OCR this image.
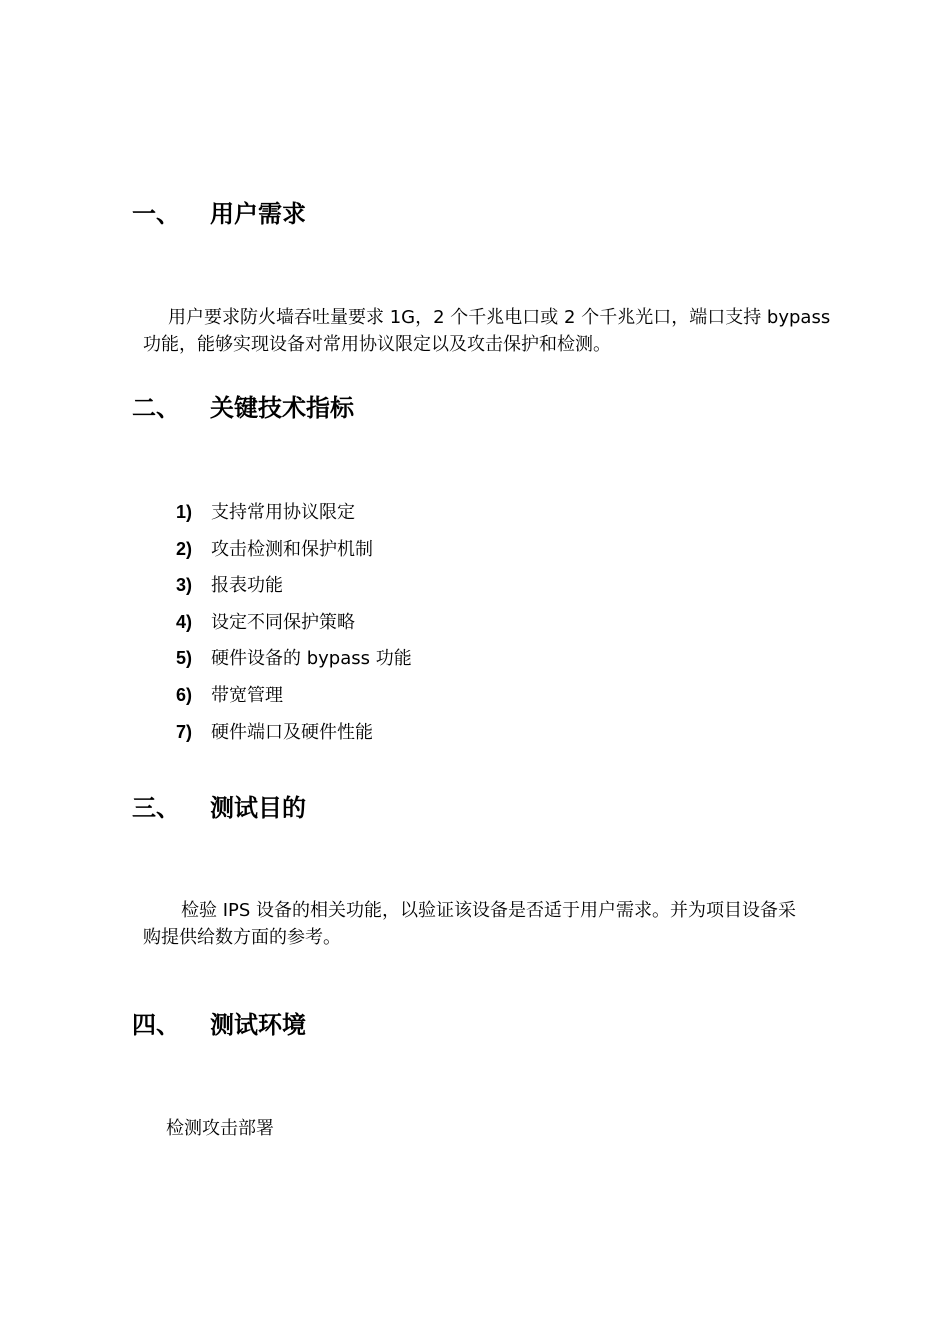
一、 用户需求
用户要求防火墙吞吐量要求 1G，2 个千兆电口或 2 个千兆光口，端口支持 bypass
功能，能够实现设备对常用协议限定以及攻击保护和检测。
二、 关键技术指标
1) 支持常用协议限定
2) 攻击检测和保护机制
3) 报表功能
4) 设定不同保护策略
5) 硬件设备的 bypass 功能
6) 带宽管理
7) 硬件端口及硬件性能
三、 测试目的
检验 IPS 设备的相关功能，以验证该设备是否适于用户需求。并为项目设备采
购提供给数方面的参考。
四、 测试环境
检测攻击部署
